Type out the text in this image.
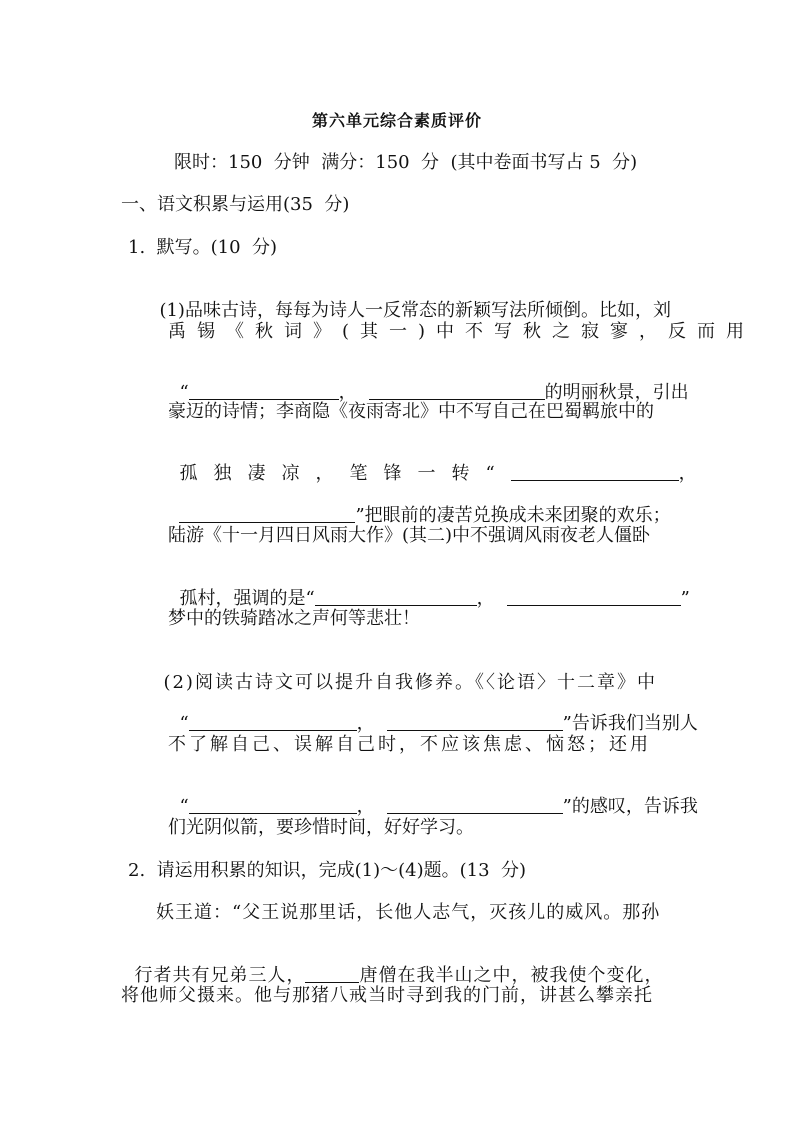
第六单元综合素质评价
限时：150  分钟  满分：150  分  (其中卷面书写占 5  分)
一、语文积累与运用(35  分)
1.  默写。(10  分)

(1)品味古诗，每每为诗人一反常态的新颖写法所倾倒。比如，刘

禹锡《秋词》(其一)中不写秋之寂寥，反而用

“	，	的明丽秋景，引出

豪迈的诗情；李商隐《夜雨寄北》中不写自己在巴蜀羁旅中的

孤独凄凉，笔锋一转“	，

”把眼前的凄苦兑换成未来团聚的欢乐；

陆游《十一月四日风雨大作》(其二)中不强调风雨夜老人僵卧

孤村，强调的是“	，	”

梦中的铁骑踏冰之声何等悲壮！

(2)阅读古诗文可以提升自我修养。《〈论语〉十二章》中

“	，	”告诉我们当别人

不了解自己、误解自己时，不应该焦虑、恼怒；还用

“	，	”的感叹，告诉我

们光阴似箭，要珍惜时间，好好学习。
2.  请运用积累的知识，完成(1)～(4)题。(13  分)
妖王道：“父王说那里话，长他人志气，灭孩儿的威风。那孙

行者共有兄弟三人，	唐僧在我半山之中，被我使个变化，

将他师父摄来。他与那猪八戒当时寻到我的门前，讲甚么攀亲托
